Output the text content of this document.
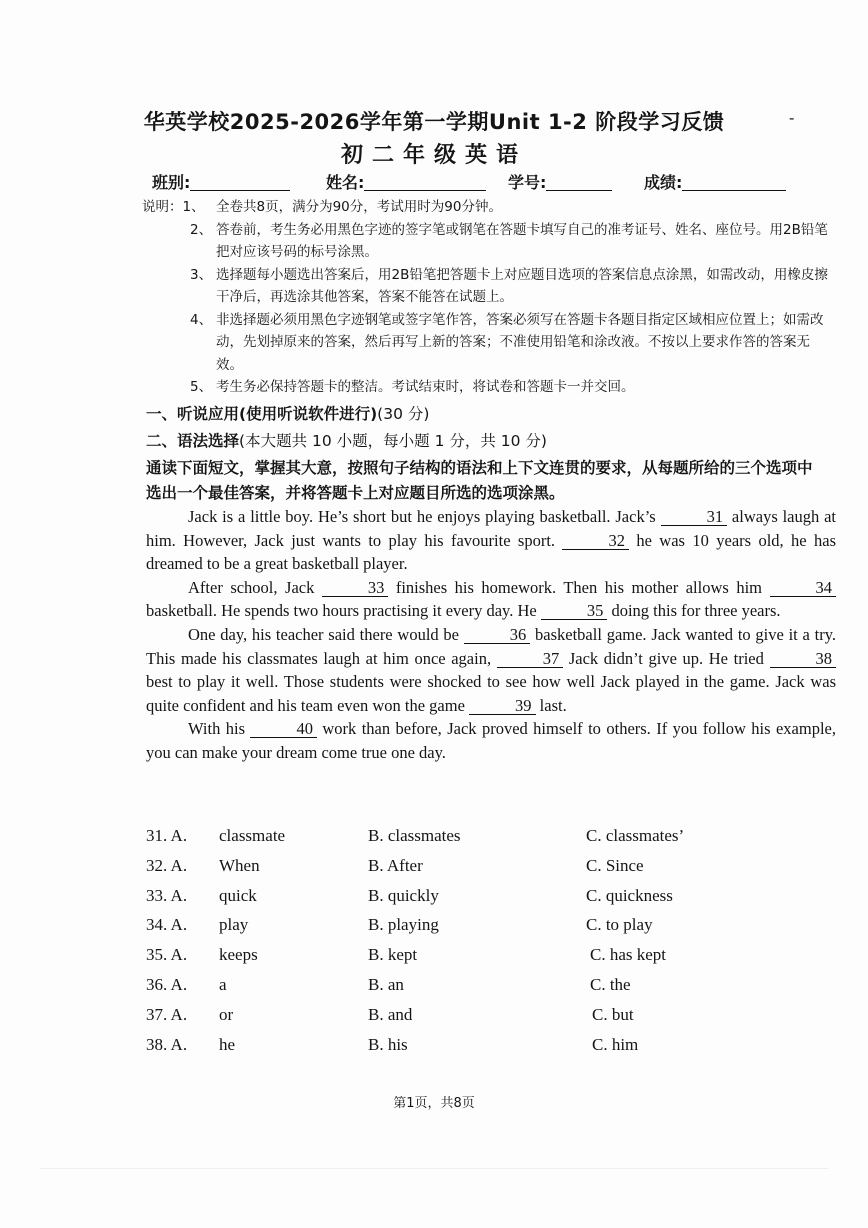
华英学校2025-2026学年第一学期Unit 1-2 阶段学习反馈	-
初二年级英语
班别:	姓名:	学号:	成绩:
说明：1、 全卷共8页，满分为90分，考试用时为90分钟。
2、 答卷前，考生务必用黑色字迹的签字笔或钢笔在答题卡填写自己的准考证号、姓名、座位号。用2B铅笔把对应该号码的标号涂黑。
3、 选择题每小题选出答案后，用2B铅笔把答题卡上对应题目选项的答案信息点涂黑，如需改动，用橡皮擦干净后，再选涂其他答案，答案不能答在试题上。
4、 非选择题必须用黑色字迹钢笔或签字笔作答，答案必须写在答题卡各题目指定区域相应位置上；如需改动，先划掉原来的答案，然后再写上新的答案；不准使用铅笔和涂改液。不按以上要求作答的答案无效。
5、 考生务必保持答题卡的整洁。考试结束时，将试卷和答题卡一并交回。
一、听说应用(使用听说软件进行)(30 分)
二、语法选择(本大题共 10 小题，每小题 1 分，共 10 分)
通读下面短文，掌握其大意，按照句子结构的语法和上下文连贯的要求，从每题所给的三个选项中选出一个最佳答案，并将答题卡上对应题目所选的选项涂黑。

Jack is a little boy. He’s short but he enjoys playing basketball. Jack’s	31 always laugh at him. However, Jack just wants to play his favourite sport.	32 he was 10 years old, he has dreamed to be a great basketball player.

After school, Jack	33 finishes his homework. Then his mother allows him	34 basketball. He spends two hours practising it every day. He	35 doing this for three years.

One day, his teacher said there would be	36 basketball game. Jack wanted to give it a try. This made his classmates laugh at him once again,	37 Jack didn’t give up. He tried	38 best to play it well. Those students were shocked to see how well Jack played in the game. Jack was quite confident and his team even won the game	39 last.

With his	40 work than before, Jack proved himself to others. If you follow his example, you can make your dream come true one day.

31. A. classmate	B. classmates	C. classmates’
32. A. When	B. After	C. Since
33. A. quick	B. quickly	C. quickness
34. A. play	B. playing	C. to play
35. A. keeps	B. kept	C. has kept
36. A. a	B. an	C. the
37. A. or	B. and	C. but
38. A. he	B. his	C. him
第1页，共8页
